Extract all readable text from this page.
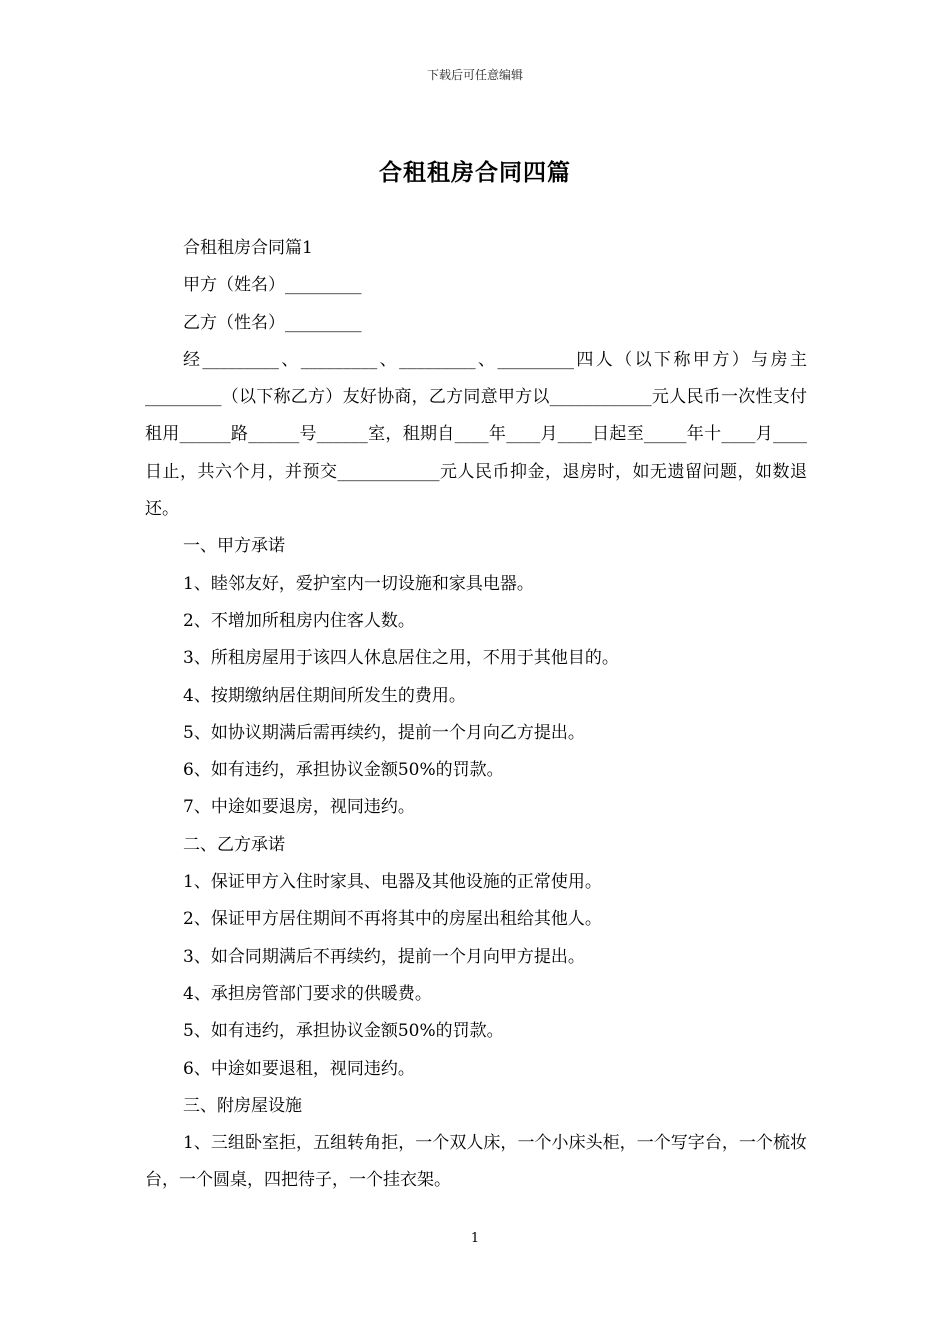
下载后可任意编辑
合租租房合同四篇

合租租房合同篇1

甲方（姓名）_________

乙方（性名）_________

经_________、_________、_________、_________四人（以下称甲方）与房主_________（以下称乙方）友好协商，乙方同意甲方以____________元人民币一次性支付租用______路______号______室，租期自____年____月____日起至_____年十____月____日止，共六个月，并预交____________元人民币抑金，退房时，如无遗留问题，如数退还。

一、甲方承诺

1、睦邻友好，爱护室内一切设施和家具电器。

2、不增加所租房内住客人数。

3、所租房屋用于该四人休息居住之用，不用于其他目的。

4、按期缴纳居住期间所发生的费用。

5、如协议期满后需再续约，提前一个月向乙方提出。

6、如有违约，承担协议金额50%的罚款。

7、中途如要退房，视同违约。

二、乙方承诺

1、保证甲方入住时家具、电器及其他设施的正常使用。

2、保证甲方居住期间不再将其中的房屋出租给其他人。

3、如合同期满后不再续约，提前一个月向甲方提出。

4、承担房管部门要求的供暖费。

5、如有违约，承担协议金额50%的罚款。

6、中途如要退租，视同违约。

三、附房屋设施

1、三组卧室拒，五组转角拒，一个双人床，一个小床头柜，一个写字台，一个梳妆台，一个圆桌，四把待子，一个挂衣架。

1
